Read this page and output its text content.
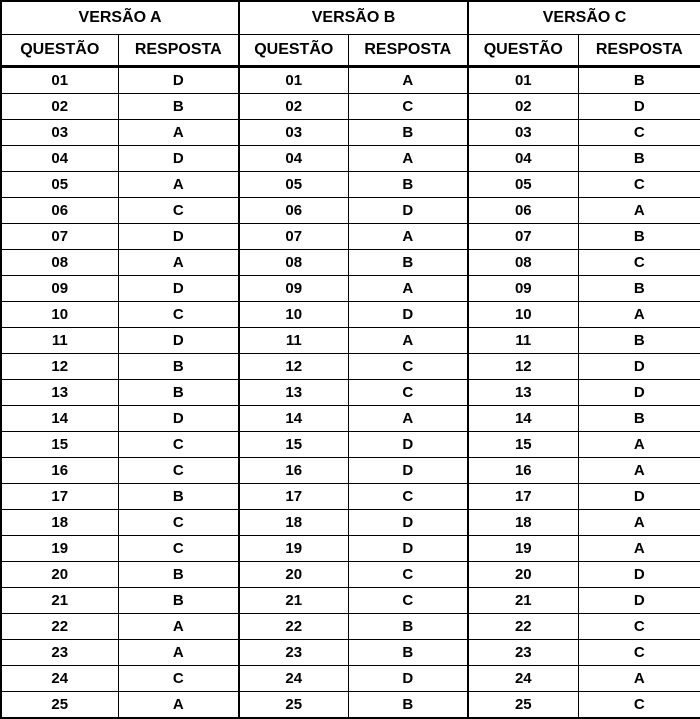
VERSÃO A		VERSÃO B		VERSÃO C	
QUESTÃO	RESPOSTA	QUESTÃO	RESPOSTA	QUESTÃO	RESPOSTA
01	D	01	A	01	B
02	B	02	C	02	D
03	A	03	B	03	C
04	D	04	A	04	B
05	A	05	B	05	C
06	C	06	D	06	A
07	D	07	A	07	B
08	A	08	B	08	C
09	D	09	A	09	B
10	C	10	D	10	A
11	D	11	A	11	B
12	B	12	C	12	D
13	B	13	C	13	D
14	D	14	A	14	B
15	C	15	D	15	A
16	C	16	D	16	A
17	B	17	C	17	D
18	C	18	D	18	A
19	C	19	D	19	A
20	B	20	C	20	D
21	B	21	C	21	D
22	A	22	B	22	C
23	A	23	B	23	C
24	C	24	D	24	A
25	A	25	B	25	C
